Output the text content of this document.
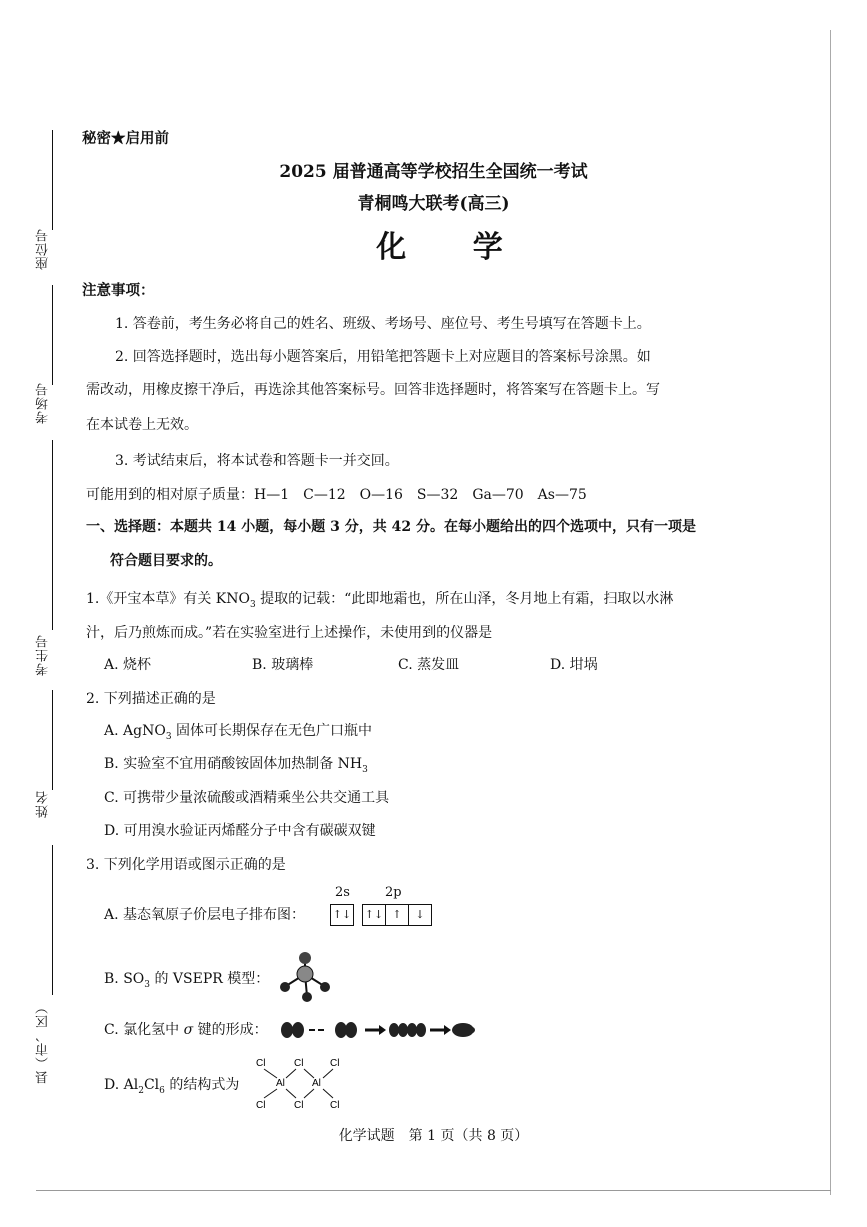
座位号
考场号
考生号
姓名
县（市、区）
秘密★启用前
2025 届普通高等学校招生全国统一考试
青桐鸣大联考(高三)
化 学
注意事项：
1. 答卷前，考生务必将自己的姓名、班级、考场号、座位号、考生号填写在答题卡上。
2. 回答选择题时，选出每小题答案后，用铅笔把答题卡上对应题目的答案标号涂黑。如
需改动，用橡皮擦干净后，再选涂其他答案标号。回答非选择题时，将答案写在答题卡上。写
在本试卷上无效。
3. 考试结束后，将本试卷和答题卡一并交回。
可能用到的相对原子质量：H—1　C—12　O—16　S—32　Ga—70　As—75
一、选择题：本题共 14 小题，每小题 3 分，共 42 分。在每小题给出的四个选项中，只有一项是
符合题目要求的。
1.《开宝本草》有关 $KNO_3$ 提取的记载：“此即地霜也，所在山泽，冬月地上有霜，扫取以水淋
汁，后乃煎炼而成。”若在实验室进行上述操作，未使用到的仪器是
A. 烧杯	B. 玻璃棒	C. 蒸发皿	D. 坩埚
2. 下列描述正确的是
A. AgNO$_3$ 固体可长期保存在无色广口瓶中
B. 实验室不宜用硝酸铵固体加热制备 $NH_3$
C. 可携带少量浓硫酸或酒精乘坐公共交通工具
D. 可用溴水验证丙烯醛分子中含有碳碳双键
3. 下列化学用语或图示正确的是
A. 基态氧原子价层电子排布图：
2s	2p
↑↓ ↑↓ ↑ ↓
B. $SO_3$ 的 VSEPR 模型：
C. 氯化氢中 σ 键的形成：
D. $Al_2Cl_6$ 的结构式为
Cl
Cl
Cl
Cl
Cl
Cl
Al	Al
化学试题　第 1 页（共 8 页）
